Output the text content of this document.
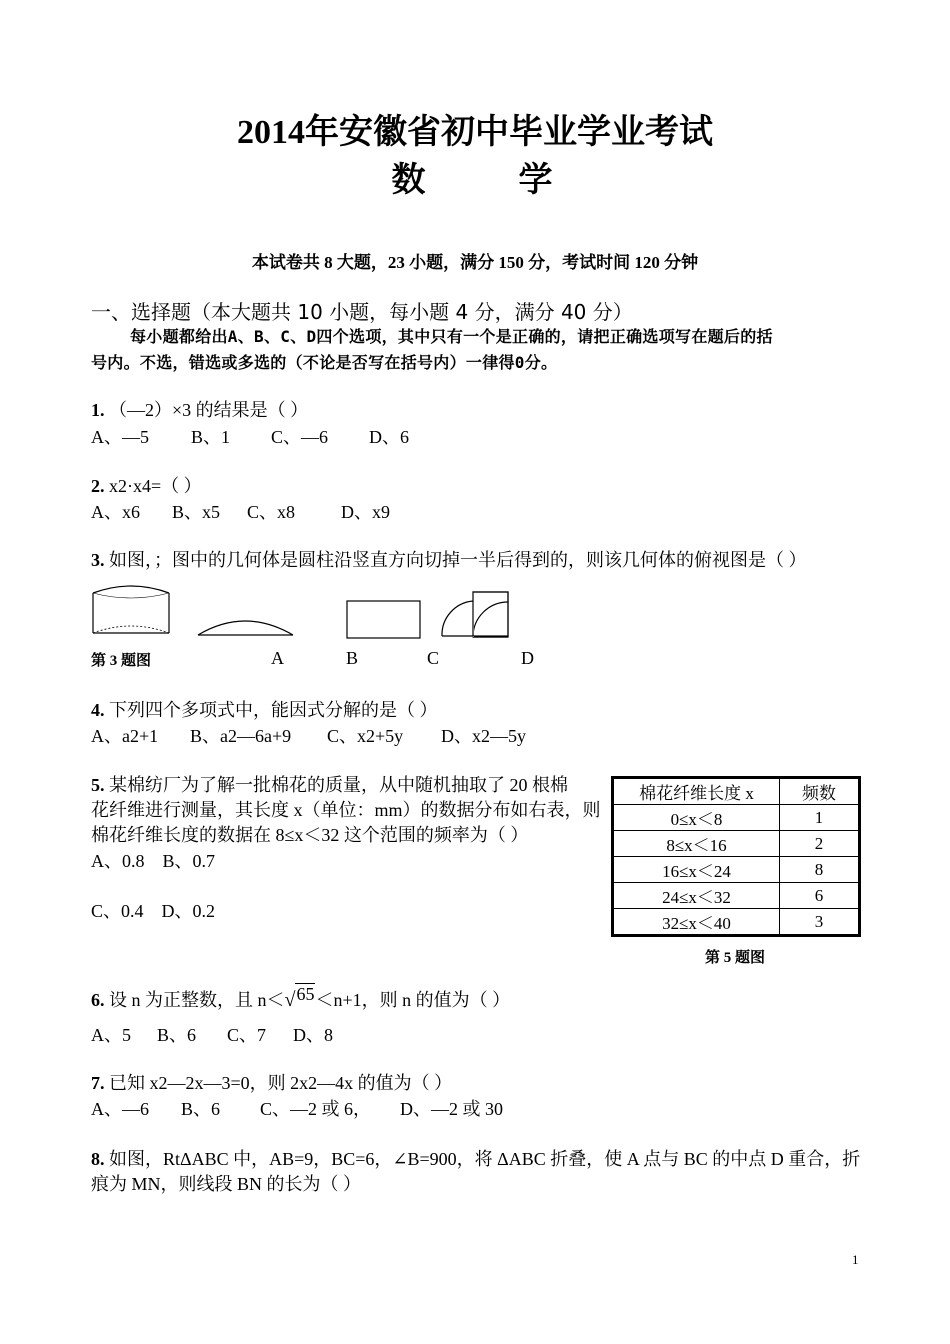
2014年安徽省初中毕业学业考试
数      学
本试卷共 8 大题，23 小题，满分 150 分，考试时间 120 分钟
一、选择题（本大题共 10 小题，每小题 4 分，满分 40 分）
每小题都给出A、B、C、D四个选项，其中只有一个是正确的，请把正确选项写在题后的括
号内。不选，错选或多选的（不论是否写在括号内）一律得0分。
1. （—2）×3 的结果是（ ）
A、—5 B、1 C、—6 D、6
2. x2·x4=（ ）
A、x6 B、x5 C、x8	D、x9
3. 如图，；图中的几何体是圆柱沿竖直方向切掉一半后得到的，则该几何体的俯视图是（ ）
第 3 题图	A	B	C	D
4. 下列四个多项式中，能因式分解的是（ ）
A、a2+1 B、a2—6a+9 C、x2+5y D、x2—5y
5. 某棉纺厂为了解一批棉花的质量，从中随机抽取了 20 根棉
花纤维进行测量，其长度 x（单位：mm）的数据分布如右表，则
棉花纤维长度的数据在 8≤x＜32 这个范围的频率为（ ）
A、0.8    B、0.7
C、0.4    D、0.2
棉花纤维长度 x	频数
0≤x＜8	1
8≤x＜16	2
16≤x＜24	8
24≤x＜32	6
32≤x＜40	3
第 5 题图
6. 设 n 为正整数，且 n＜√65＜n+1，则 n 的值为（ ）
A、5 B、6 C、7 D、8
7. 已知 x2—2x—3=0，则 2x2—4x 的值为（ ）
A、—6 B、6 C、—2 或 6， D、—2 或 30
8. 如图，RtΔABC 中，AB=9，BC=6，∠B=900，将 ΔABC 折叠，使 A 点与 BC 的中点 D 重合，折
痕为 MN，则线段 BN 的长为（ ）
1
